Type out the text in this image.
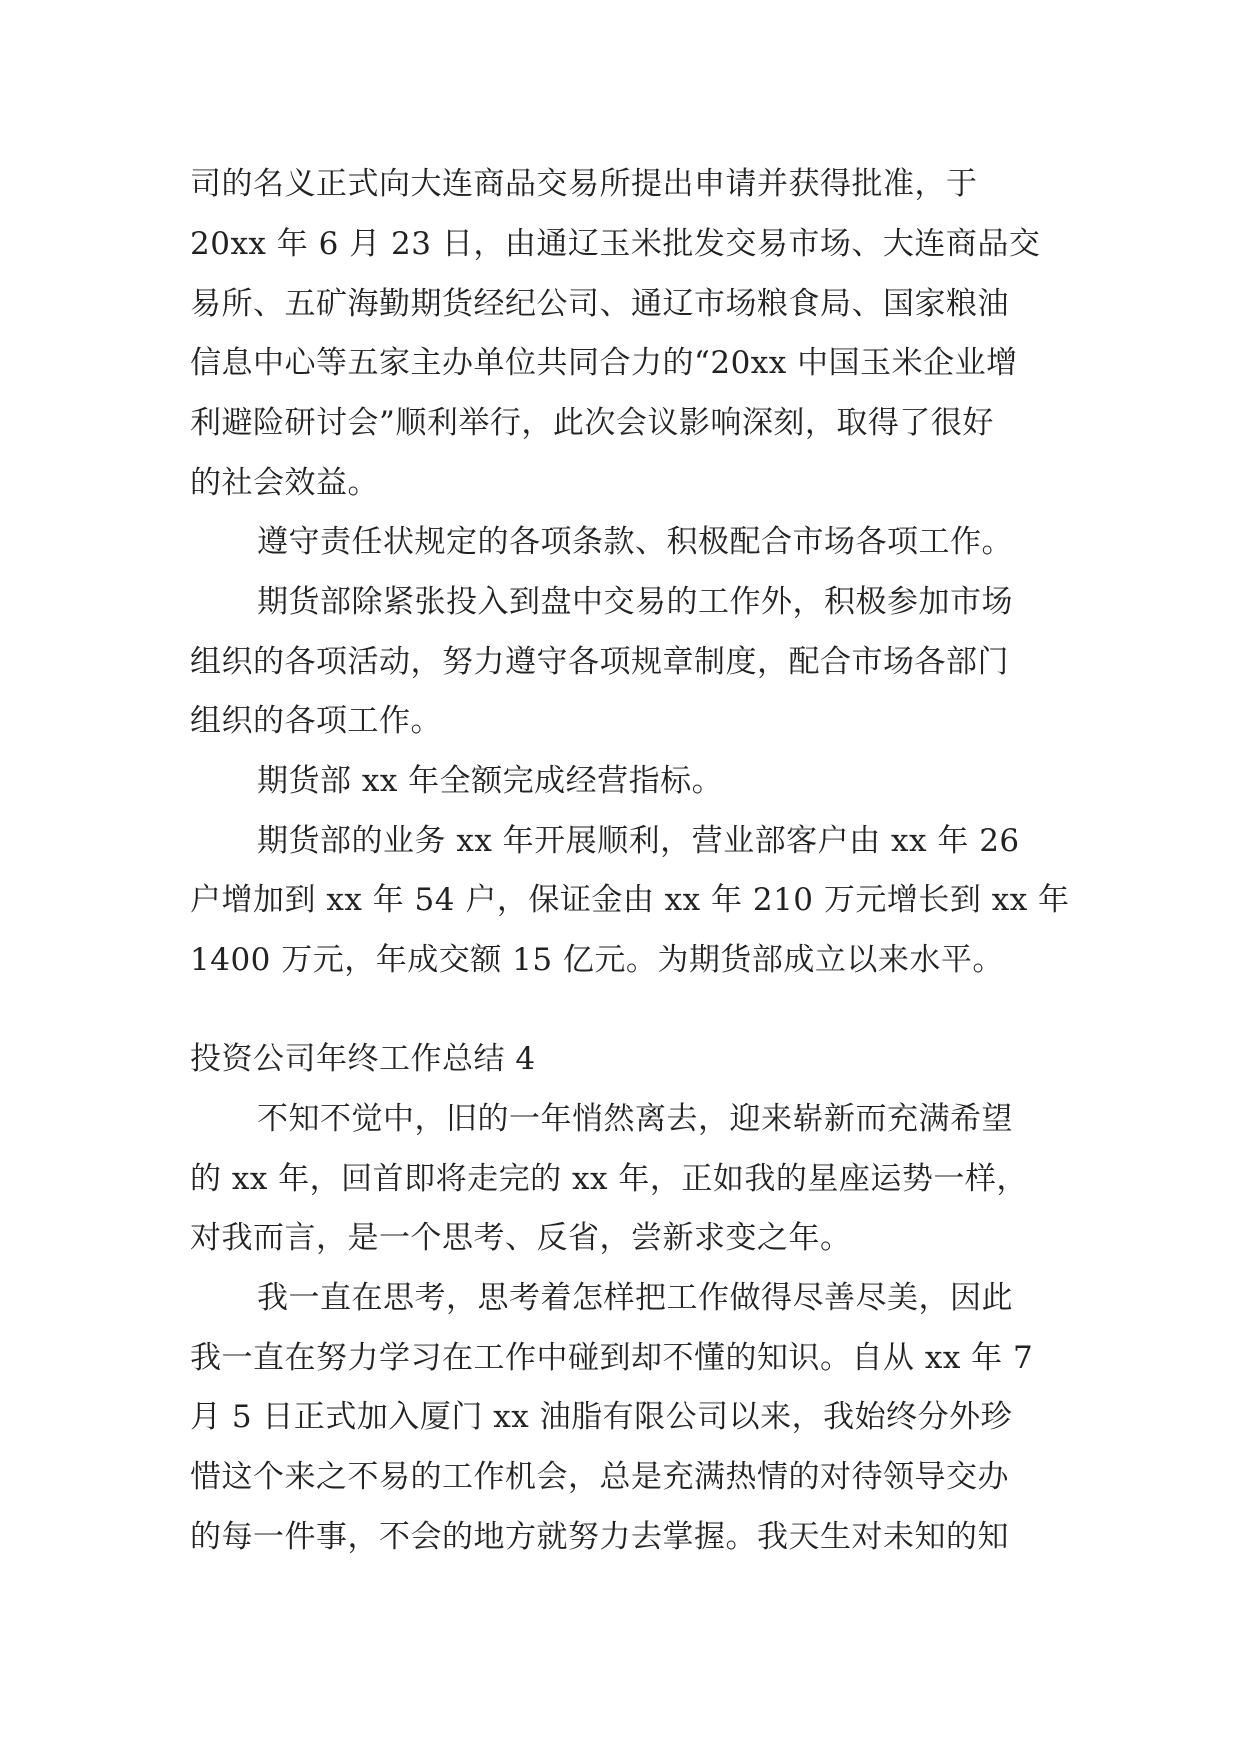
司的名义正式向大连商品交易所提出申请并获得批准，于
20xx 年 6 月 23 日，由通辽玉米批发交易市场、大连商品交
易所、五矿海勤期货经纪公司、通辽市场粮食局、国家粮油
信息中心等五家主办单位共同合力的“20xx 中国玉米企业增
利避险研讨会”顺利举行，此次会议影响深刻，取得了很好
的社会效益。
遵守责任状规定的各项条款、积极配合市场各项工作。
期货部除紧张投入到盘中交易的工作外，积极参加市场
组织的各项活动，努力遵守各项规章制度，配合市场各部门
组织的各项工作。
期货部 xx 年全额完成经营指标。
期货部的业务 xx 年开展顺利，营业部客户由 xx 年 26
户增加到 xx 年 54 户，保证金由 xx 年 210 万元增长到 xx 年
1400 万元，年成交额 15 亿元。为期货部成立以来水平。
投资公司年终工作总结 4
不知不觉中，旧的一年悄然离去，迎来崭新而充满希望
的 xx 年，回首即将走完的 xx 年，正如我的星座运势一样，
对我而言，是一个思考、反省，尝新求变之年。
我一直在思考，思考着怎样把工作做得尽善尽美，因此
我一直在努力学习在工作中碰到却不懂的知识。自从 xx 年 7
月 5 日正式加入厦门 xx 油脂有限公司以来，我始终分外珍
惜这个来之不易的工作机会，总是充满热情的对待领导交办
的每一件事，不会的地方就努力去掌握。我天生对未知的知
